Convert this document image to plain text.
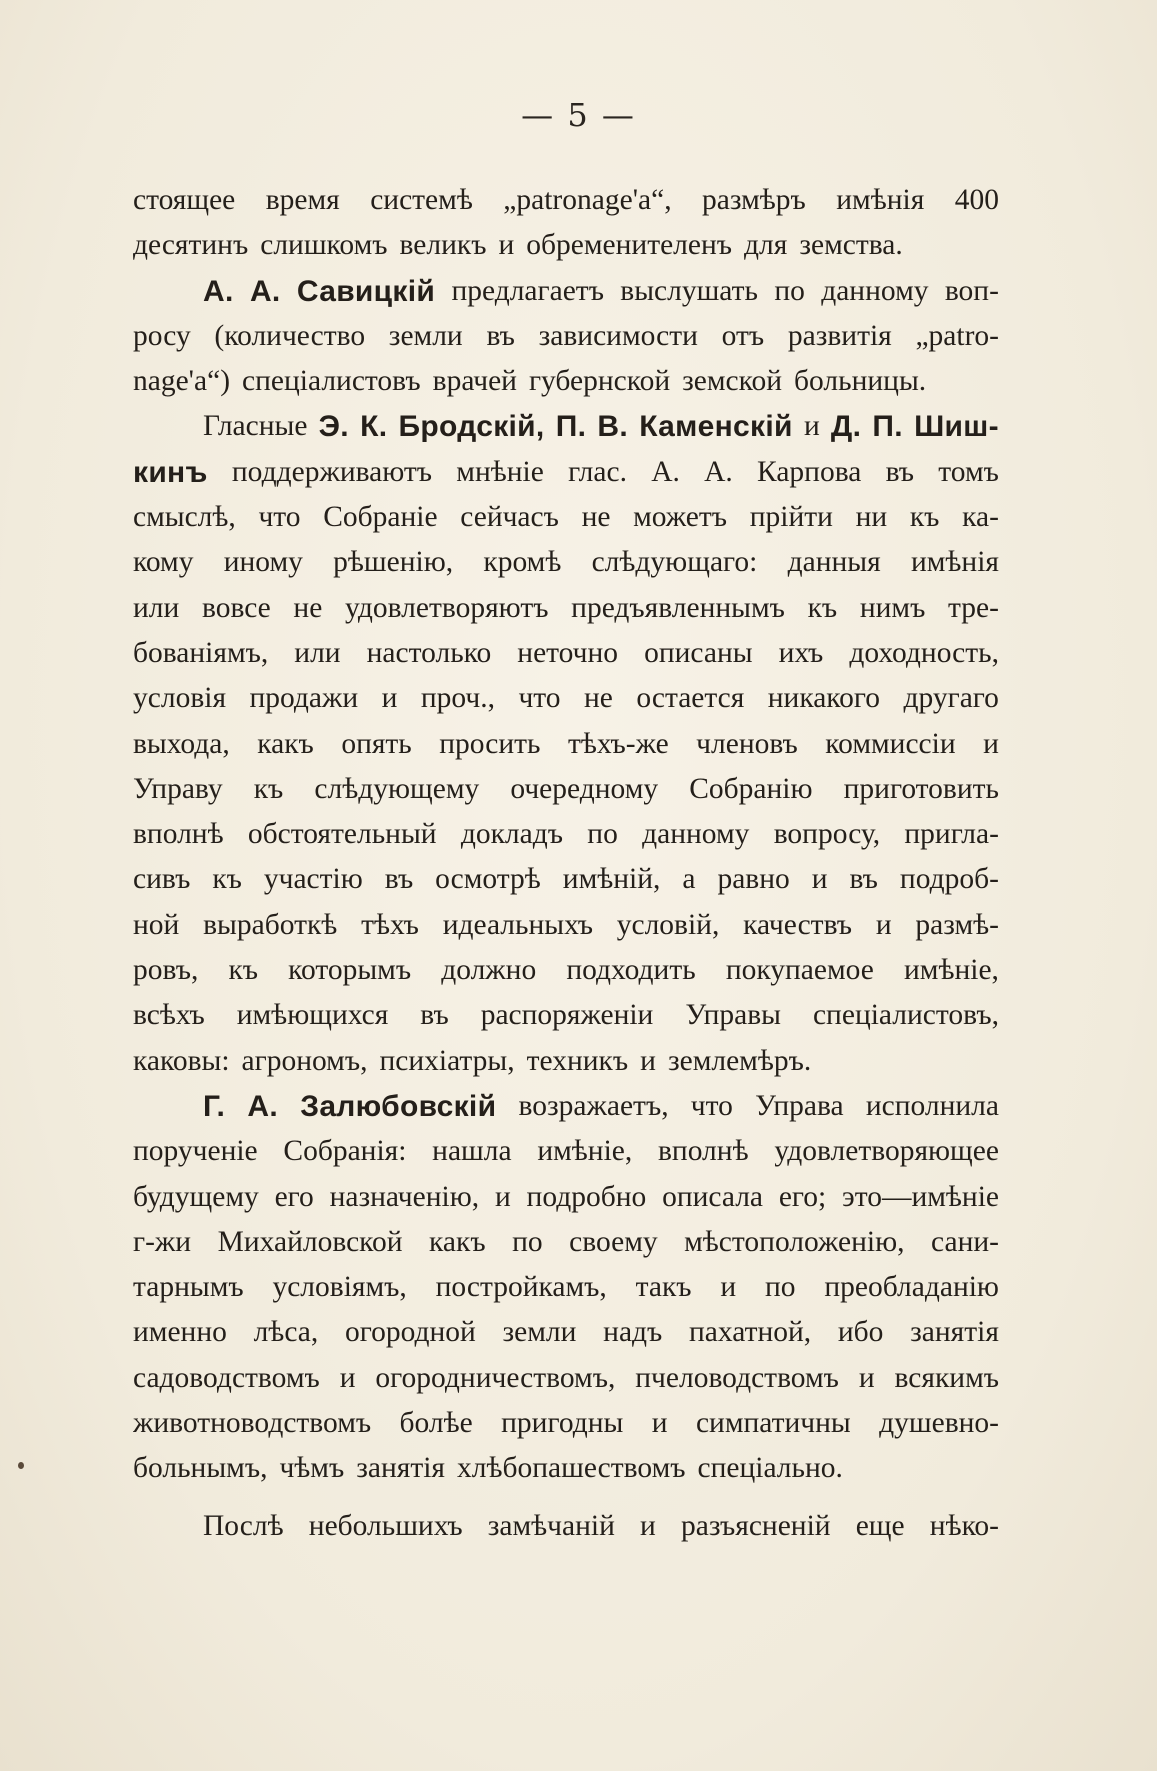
— 5 —
стоящее время системѣ „patronage'а“, размѣръ имѣнія 400
десятинъ слишкомъ великъ и обременителенъ для земства.
А. А. Савицкій предлагаетъ выслушать по данному воп-
росу (количество земли въ зависимости отъ развитія „patro-
nage'а“) спеціалистовъ врачей губернской земской больницы.
Гласные Э. К. Бродскій, П. В. Каменскій и Д. П. Шиш-
кинъ поддерживаютъ мнѣніе глас. А. А. Карпова въ томъ
смыслѣ, что Собраніе сейчасъ не можетъ прійти ни къ ка-
кому иному рѣшенію, кромѣ слѣдующаго: данныя имѣнія
или вовсе не удовлетворяютъ предъявленнымъ къ нимъ тре-
бованіямъ, или настолько неточно описаны ихъ доходность,
условія продажи и проч., что не остается никакого другаго
выхода, какъ опять просить тѣхъ-же членовъ коммиссіи и
Управу къ слѣдующему очередному Собранію приготовить
вполнѣ обстоятельный докладъ по данному вопросу, пригла-
сивъ къ участію въ осмотрѣ имѣній, а равно и въ подроб-
ной выработкѣ тѣхъ идеальныхъ условій, качествъ и размѣ-
ровъ, къ которымъ должно подходить покупаемое имѣніе,
всѣхъ имѣющихся въ распоряженіи Управы спеціалистовъ,
каковы: агрономъ, психіатры, техникъ и землемѣръ.
Г. А. Залюбовскій возражаетъ, что Управа исполнила
порученіе Собранія: нашла имѣніе, вполнѣ удовлетворяющее
будущему его назначенію, и подробно описала его; это—имѣніе
г-жи Михайловской какъ по своему мѣстоположенію, сани-
тарнымъ условіямъ, постройкамъ, такъ и по преобладанію
именно лѣса, огородной земли надъ пахатной, ибо занятія
садоводствомъ и огородничествомъ, пчеловодствомъ и всякимъ
животноводствомъ болѣе пригодны и симпатичны душевно-
больнымъ, чѣмъ занятія хлѣбопашествомъ спеціально.
Послѣ небольшихъ замѣчаній и разъясненій еще нѣко-
